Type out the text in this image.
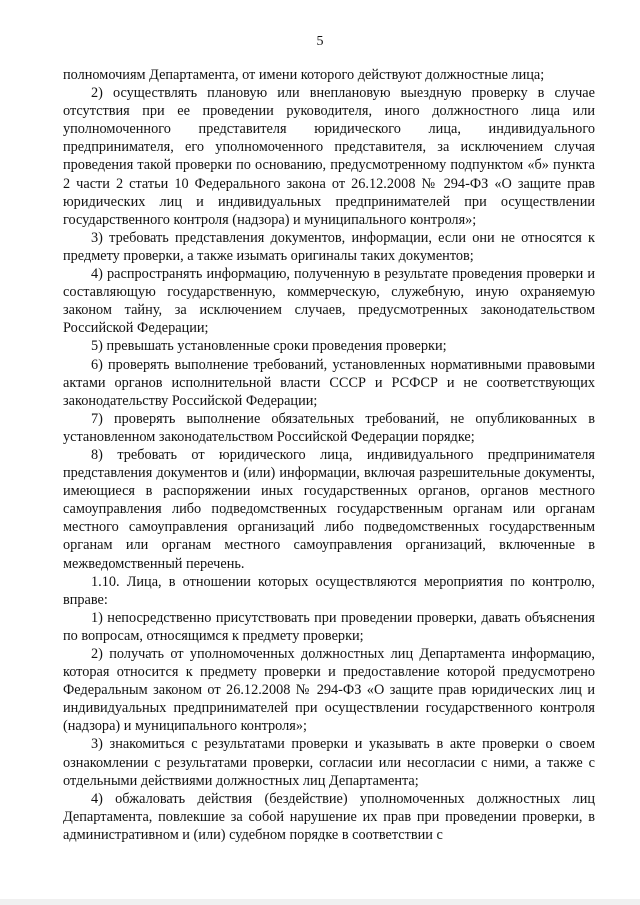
5

полномочиям Департамента, от имени которого действуют должностные лица;

2) осуществлять плановую или внеплановую выездную проверку в случае отсутствия при ее проведении руководителя, иного должностного лица или уполномоченного представителя юридического лица, индивидуального предпринимателя, его уполномоченного представителя, за исключением случая проведения такой проверки по основанию, предусмотренному подпунктом «б» пункта 2 части 2 статьи 10 Федерального закона от 26.12.2008 № 294-ФЗ «О защите прав юридических лиц и индивидуальных предпринимателей при осуществлении государственного контроля (надзора) и муниципального контроля»;

3) требовать представления документов, информации, если они не относятся к предмету проверки, а также изымать оригиналы таких документов;

4) распространять информацию, полученную в результате проведения проверки и составляющую государственную, коммерческую, служебную, иную охраняемую законом тайну, за исключением случаев, предусмотренных законодательством Российской Федерации;

5) превышать установленные сроки проведения проверки;

6) проверять выполнение требований, установленных нормативными правовыми актами органов исполнительной власти СССР и РСФСР и не соответствующих законодательству Российской Федерации;

7) проверять выполнение обязательных требований, не опубликованных в установленном законодательством Российской Федерации порядке;

8) требовать от юридического лица, индивидуального предпринимателя представления документов и (или) информации, включая разрешительные документы, имеющиеся в распоряжении иных государственных органов, органов местного самоуправления либо подведомственных государственным органам или органам местного самоуправления организаций либо подведомственных государственным органам или органам местного самоуправления организаций, включенные в межведомственный перечень.

1.10. Лица, в отношении которых осуществляются мероприятия по контролю, вправе:

1) непосредственно присутствовать при проведении проверки, давать объяснения по вопросам, относящимся к предмету проверки;

2) получать от уполномоченных должностных лиц Департамента информацию, которая относится к предмету проверки и предоставление которой предусмотрено Федеральным законом от 26.12.2008 № 294-ФЗ «О защите прав юридических лиц и индивидуальных предпринимателей при осуществлении государственного контроля (надзора) и муниципального контроля»;

3) знакомиться с результатами проверки и указывать в акте проверки о своем ознакомлении с результатами проверки, согласии или несогласии с ними, а также с отдельными действиями должностных лиц Департамента;

4) обжаловать действия (бездействие) уполномоченных должностных лиц Департамента, повлекшие за собой нарушение их прав при проведении проверки, в административном и (или) судебном порядке в соответствии с
